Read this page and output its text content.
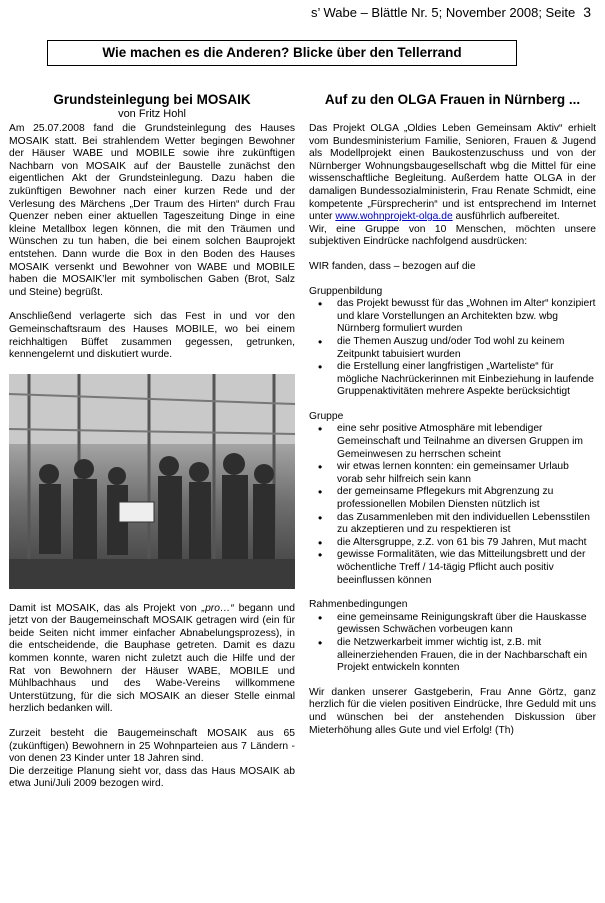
s’ Wabe – Blättle Nr. 5; November 2008; Seite 3
Wie machen es die Anderen? Blicke über den Tellerrand
Grundsteinlegung bei MOSAIK
von Fritz Hohl

Am 25.07.2008 fand die Grundsteinlegung des Hauses MOSAIK statt. Bei strahlendem Wetter begingen Bewohner der Häuser WABE und MOBILE sowie ihre zukünftigen Nachbarn von MOSAIK auf der Baustelle zunächst den eigentlichen Akt der Grundsteinlegung. Dazu haben die zukünftigen Bewohner nach einer kurzen Rede und der Verlesung des Märchens „Der Traum des Hirten“ durch Frau Quenzer neben einer aktuellen Tageszeitung Dinge in eine kleine Metallbox legen können, die mit den Träumen und Wünschen zu tun haben, die bei einem solchen Bauprojekt entstehen. Dann wurde die Box in den Boden des Hauses MOSAIK versenkt und Bewohner von WABE und MOBILE haben die MOSAIK’ler mit symbolischen Gaben (Brot, Salz und Steine) begrüßt.

Anschließend verlagerte sich das Fest in und vor den Gemeinschaftsraum des Hauses MOBILE, wo bei einem reichhaltigen Büffet zusammen gegessen, getrunken, kennengelernt und diskutiert wurde.

Damit ist MOSAIK, das als Projekt von „pro…“ begann und jetzt von der Baugemeinschaft MOSAIK getragen wird (ein für beide Seiten nicht immer einfacher Abnabelungsprozess), in die entscheidende, die Bauphase getreten. Damit es dazu kommen konnte, waren nicht zuletzt auch die Hilfe und der Rat von Bewohnern der Häuser WABE, MOBILE und Mühlbachhaus und des Wabe-Vereins willkommene Unterstützung, für die sich MOSAIK an dieser Stelle einmal herzlich bedanken will.

Zurzeit besteht die Baugemeinschaft MOSAIK aus 65 (zukünftigen) Bewohnern in 25 Wohnparteien aus 7 Ländern - von denen 23 Kinder unter 18 Jahren sind.

Die derzeitige Planung sieht vor, dass das Haus MOSAIK ab etwa Juni/Juli 2009 bezogen wird.

Auf zu den OLGA Frauen in Nürnberg ...

Das Projekt OLGA „Oldies Leben Gemeinsam Aktiv“ erhielt vom Bundesministerium Familie, Senioren, Frauen & Jugend als Modellprojekt einen Baukostenzuschuss und von der Nürnberger Wohnungsbaugesellschaft wbg die Mittel für eine wissenschaftliche Begleitung. Außerdem hatte OLGA in der damaligen Bundessozialministerin, Frau Renate Schmidt, eine kompetente „Fürsprecherin“ und ist entsprechend im Internet unter www.wohnprojekt-olga.de ausführlich aufbereitet.

Wir, eine Gruppe von 10 Menschen, möchten unsere subjektiven Eindrücke nachfolgend ausdrücken:

WIR fanden, dass – bezogen auf die

Gruppenbildung
• das Projekt bewusst für das „Wohnen im Alter“ konzipiert und klare Vorstellungen an Architekten bzw. wbg Nürnberg formuliert wurden
• die Themen Auszug und/oder Tod wohl zu keinem Zeitpunkt tabuisiert wurden
• die Erstellung einer langfristigen „Warteliste“ für mögliche Nachrückerinnen mit Einbeziehung in laufende Gruppenaktivitäten mehrere Aspekte berücksichtigt
Gruppe
• eine sehr positive Atmosphäre mit lebendiger Gemeinschaft und Teilnahme an diversen Gruppen im Gemeinwesen zu herrschen scheint
• wir etwas lernen konnten: ein gemeinsamer Urlaub vorab sehr hilfreich sein kann
• der gemeinsame Pflegekurs mit Abgrenzung zu professionellen Mobilen Diensten nützlich ist
• das Zusammenleben mit den individuellen Lebensstilen zu akzeptieren und zu respektieren ist
• die Altersgruppe, z.Z. von 61 bis 79 Jahren, Mut macht
• gewisse Formalitäten, wie das Mitteilungsbrett und der wöchentliche Treff / 14-tägig Pflicht auch positiv beeinflussen können
Rahmenbedingungen
• eine gemeinsame Reinigungskraft über die Hauskasse gewissen Schwächen vorbeugen kann
• die Netzwerkarbeit immer wichtig ist, z.B. mit alleinerziehenden Frauen, die in der Nachbarschaft ein Projekt entwickeln konnten

Wir danken unserer Gastgeberin, Frau Anne Görtz, ganz herzlich für die vielen positiven Eindrücke, Ihre Geduld mit uns und wünschen bei der anstehenden Diskussion über Mieterhöhung alles Gute und viel Erfolg! (Th)
